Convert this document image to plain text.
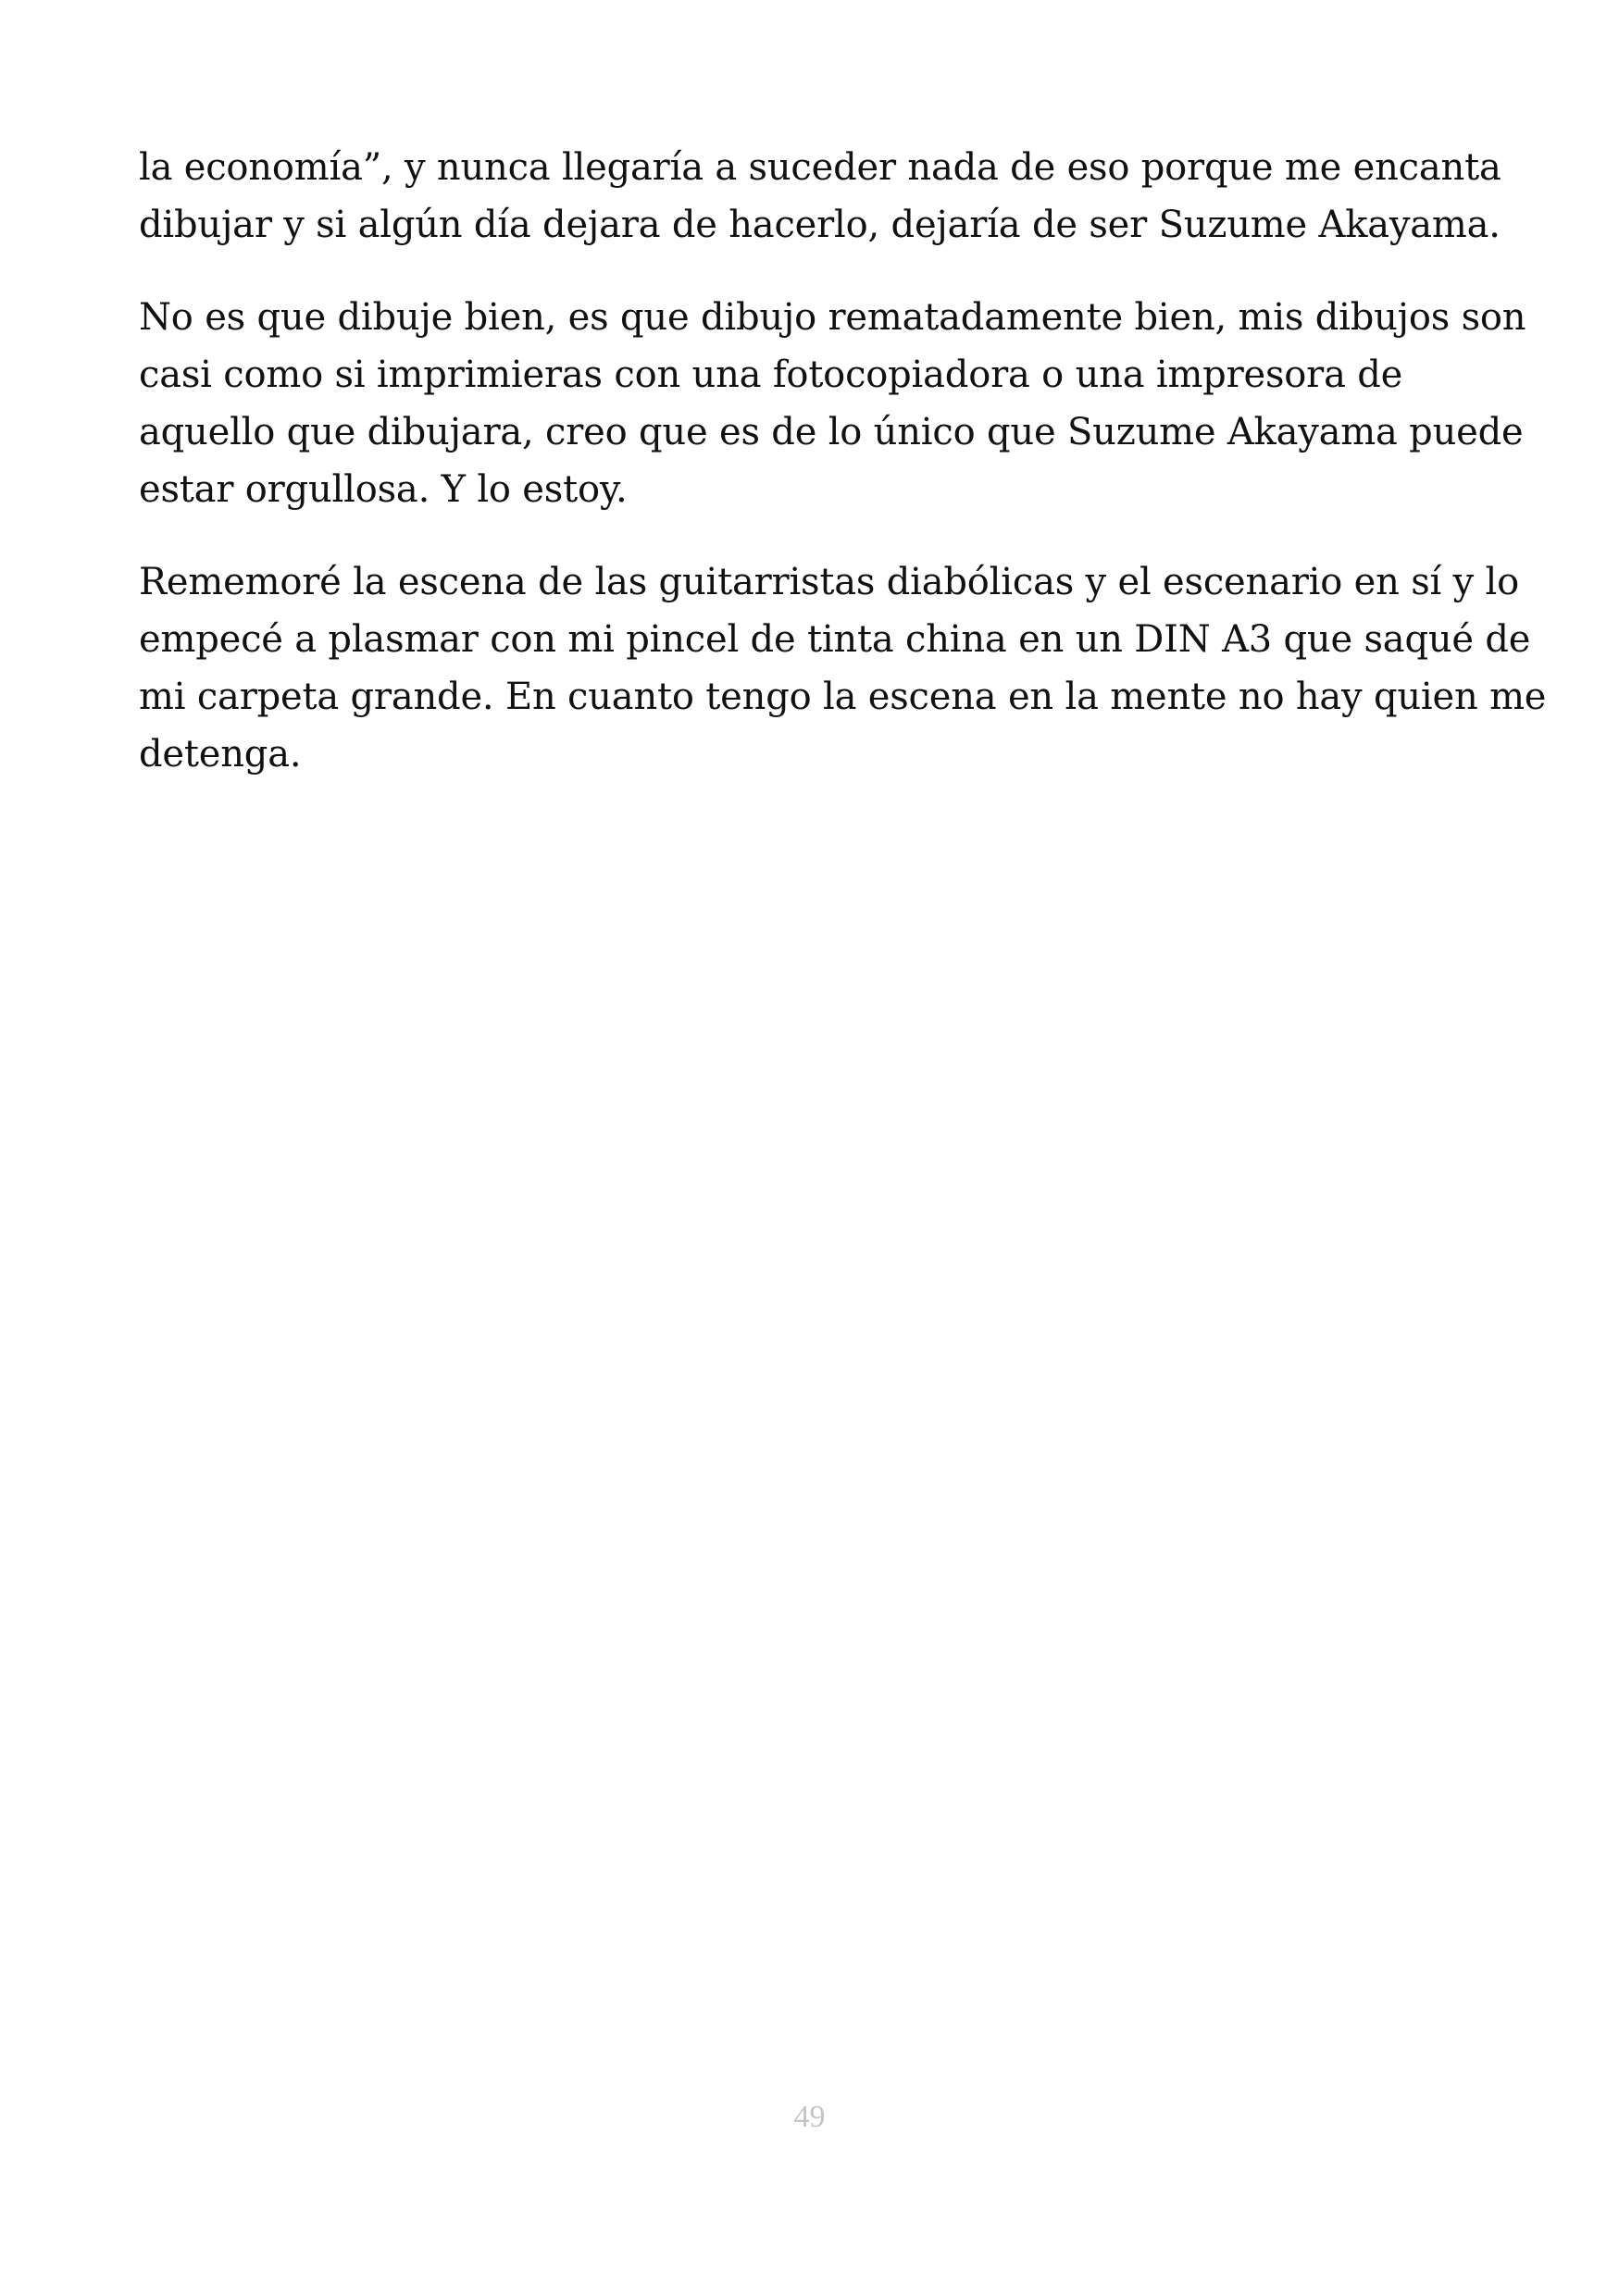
la economía”, y nunca llegaría a suceder nada de eso porque me encanta
dibujar y si algún día dejara de hacerlo, dejaría de ser Suzume Akayama.

No es que dibuje bien, es que dibujo rematadamente bien, mis dibujos son
casi como si imprimieras con una fotocopiadora o una impresora de
aquello que dibujara, creo que es de lo único que Suzume Akayama puede
estar orgullosa. Y lo estoy.

Rememoré la escena de las guitarristas diabólicas y el escenario en sí y lo
empecé a plasmar con mi pincel de tinta china en un DIN A3 que saqué de
mi carpeta grande. En cuanto tengo la escena en la mente no hay quien me
detenga.

49
